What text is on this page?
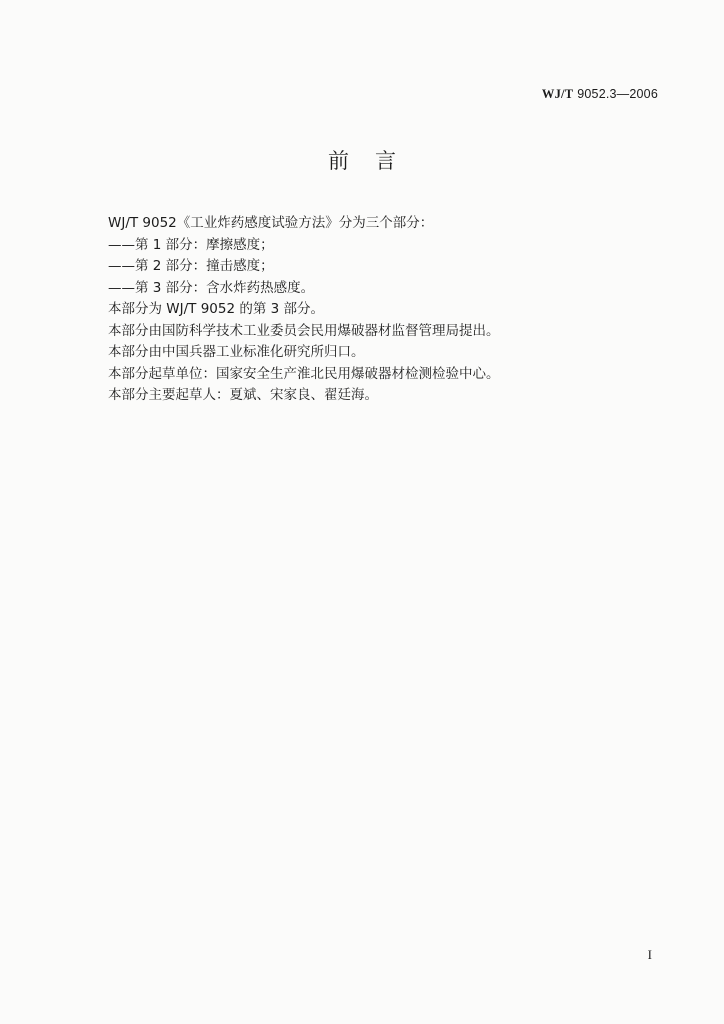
WJ/T 9052.3—2006
前言
WJ/T 9052《工业炸药感度试验方法》分为三个部分：
——第 1 部分：摩擦感度；
——第 2 部分：撞击感度；
——第 3 部分：含水炸药热感度。
本部分为 WJ/T 9052 的第 3 部分。
本部分由国防科学技术工业委员会民用爆破器材监督管理局提出。
本部分由中国兵器工业标准化研究所归口。
本部分起草单位：国家安全生产淮北民用爆破器材检测检验中心。
本部分主要起草人：夏斌、宋家良、翟廷海。
I
